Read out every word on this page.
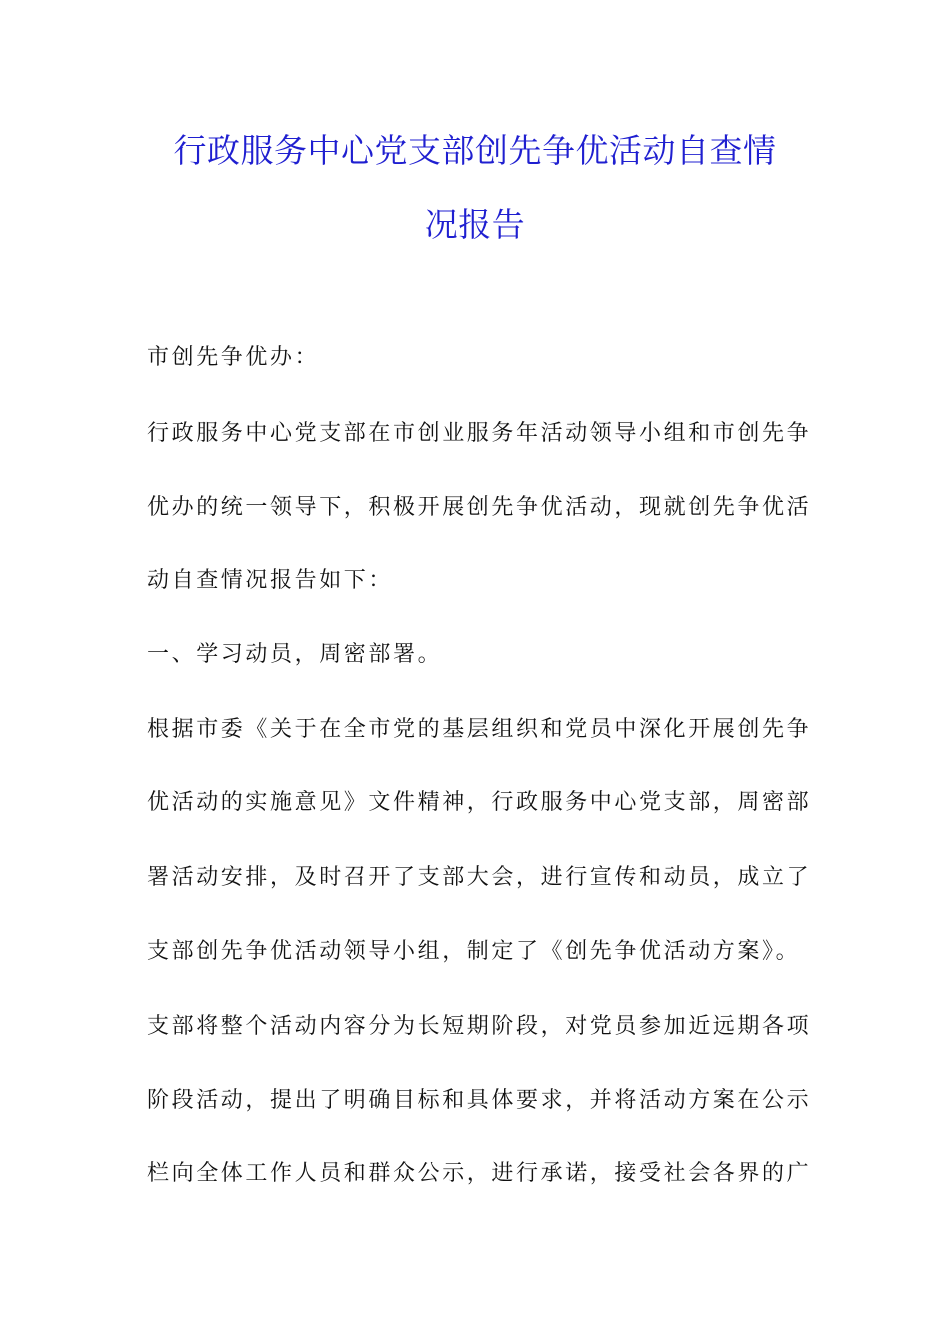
行政服务中心党支部创先争优活动自查情
况报告
市创先争优办：
行政服务中心党支部在市创业服务年活动领导小组和市创先争
优办的统一领导下，积极开展创先争优活动，现就创先争优活
动自查情况报告如下：
一、学习动员，周密部署。
根据市委《关于在全市党的基层组织和党员中深化开展创先争
优活动的实施意见》文件精神，行政服务中心党支部，周密部
署活动安排，及时召开了支部大会，进行宣传和动员，成立了
支部创先争优活动领导小组，制定了《创先争优活动方案》。
支部将整个活动内容分为长短期阶段，对党员参加近远期各项
阶段活动，提出了明确目标和具体要求，并将活动方案在公示
栏向全体工作人员和群众公示，进行承诺，接受社会各界的广
